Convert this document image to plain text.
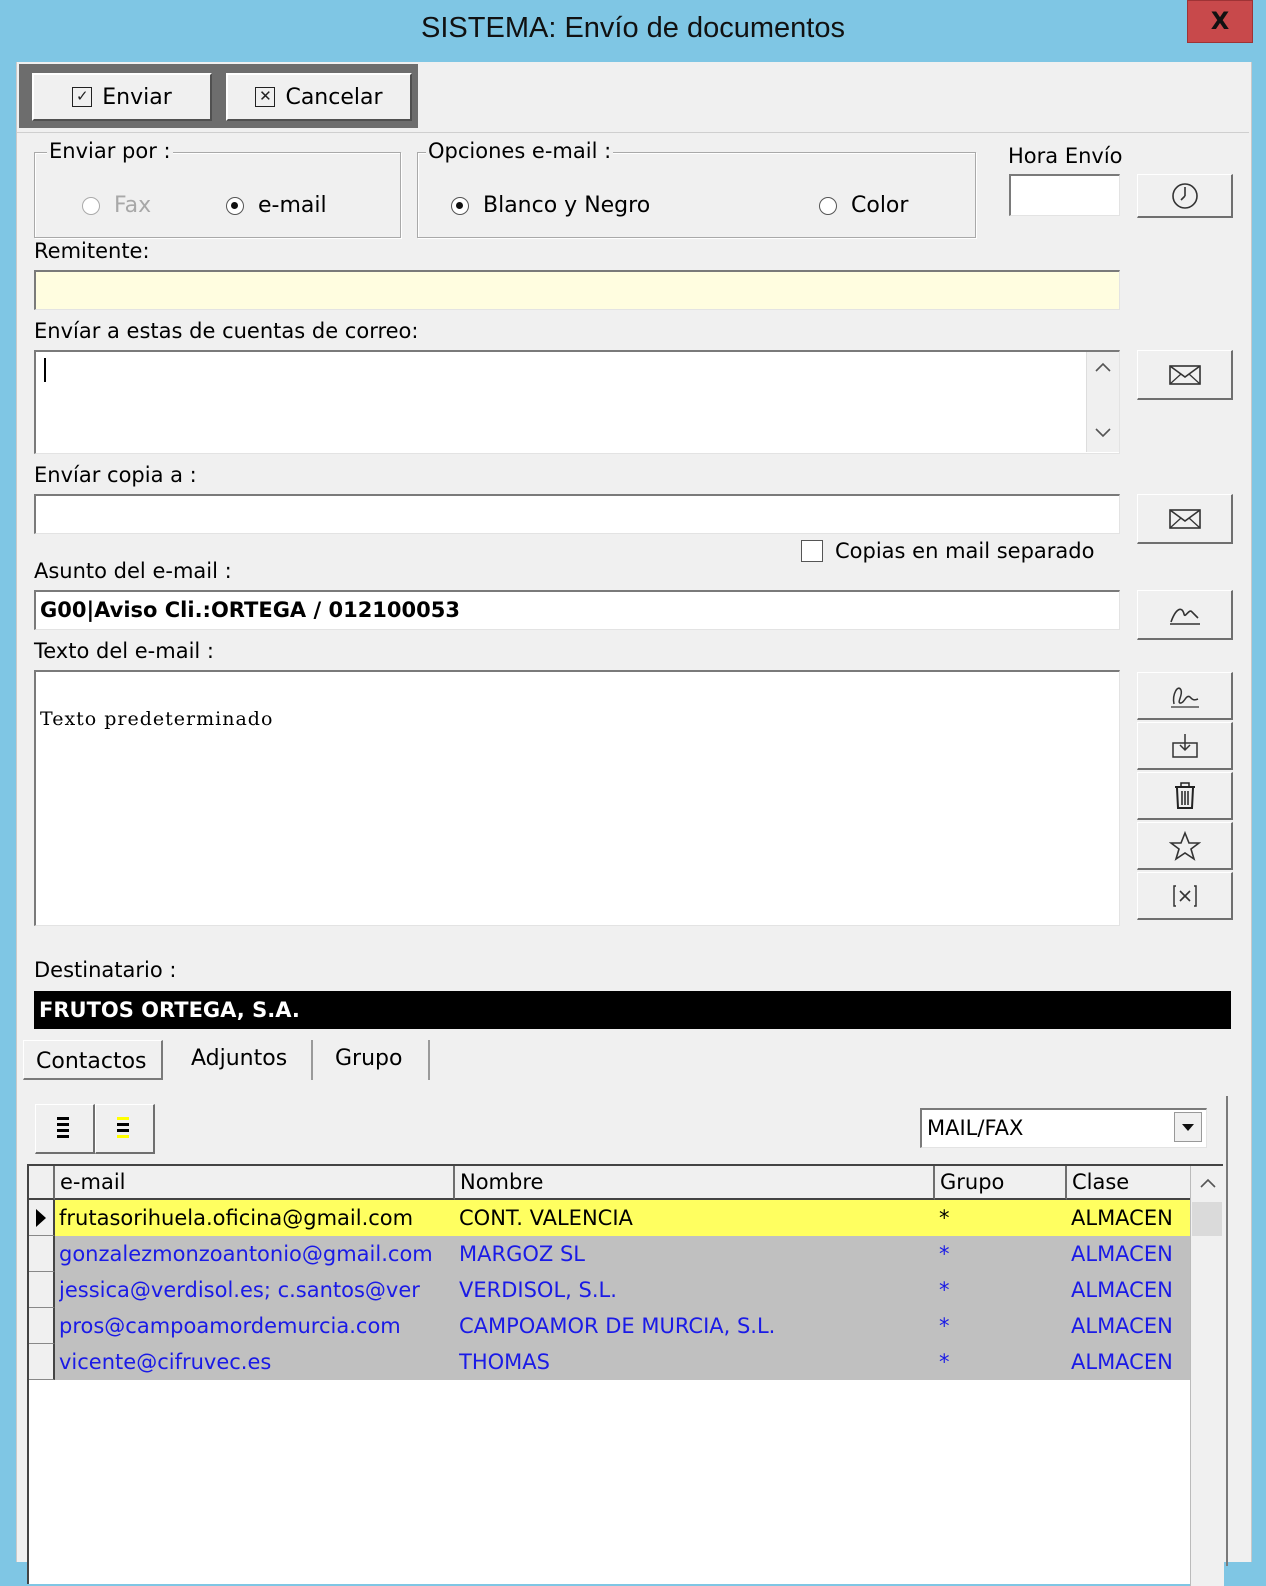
SISTEMA: Envío de documentos	X
✓ Enviar	✕ Cancelar
Enviar por :
Fax	e-mail
Opciones e-mail :
Blanco y Negro	Color
Hora Envío
Remitente:
Envíar a estas de cuentas de correo:
Envíar copia a :
Copias en mail separado
Asunto del e-mail :
G00|Aviso Cli.:ORTEGA / 012100053
Texto del e-mail :
Texto predeterminado
Destinatario :
FRUTOS ORTEGA, S.A.
Contactos Adjuntos Grupo
MAIL/FAX
e-mail	Nombre	Grupo	Clase
frutasorihuela.oficina@gmail.com	CONT. VALENCIA	*	ALMACEN
gonzalezmonzoantonio@gmail.com	MARGOZ SL	*	ALMACEN
jessica@verdisol.es; c.santos@ver	VERDISOL, S.L.	*	ALMACEN
pros@campoamordemurcia.com	CAMPOAMOR DE MURCIA, S.L.	*	ALMACEN
vicente@cifruvec.es	THOMAS	*	ALMACEN
